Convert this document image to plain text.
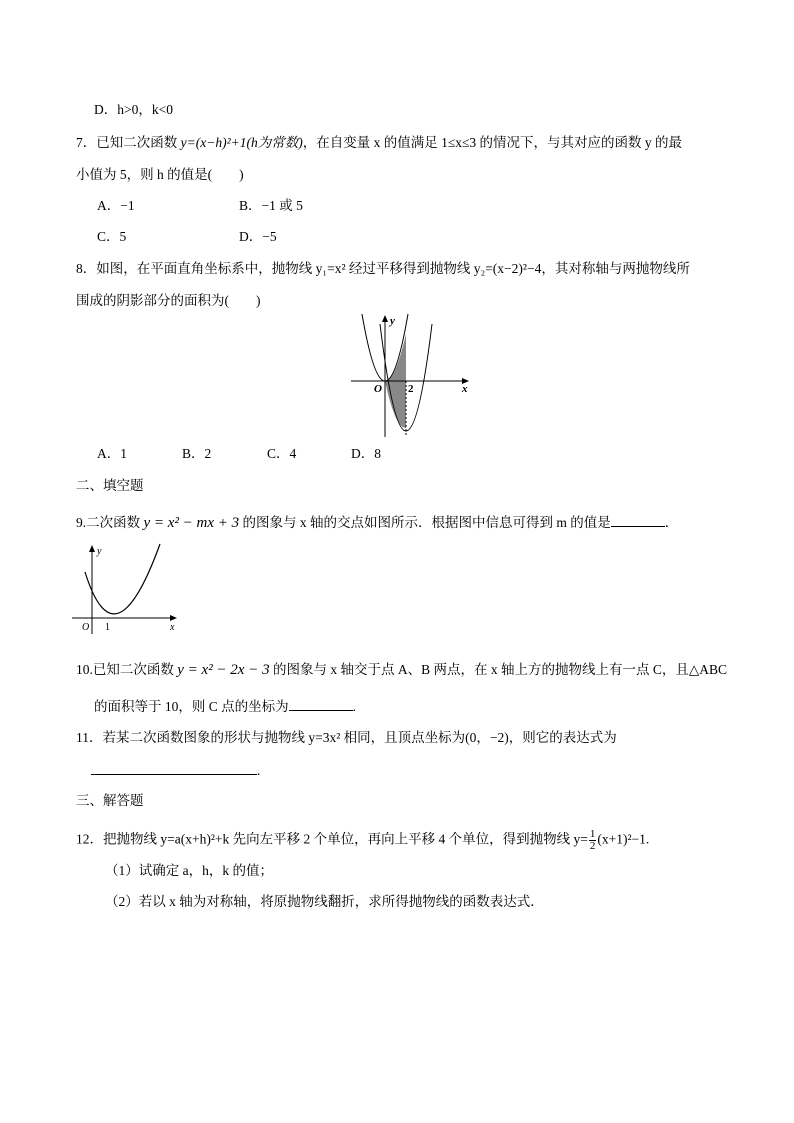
D．h>0，k<0
7．已知二次函数 y=(x−h)²+1(h为常数)，在自变量 x 的值满足 1≤x≤3 的情况下，与其对应的函数 y 的最
小值为 5，则 h 的值是(　　)
A．−1	B．−1 或 5
C．5	D．−5
8．如图，在平面直角坐标系中，抛物线 y₁=x² 经过平移得到抛物线 y₂=(x−2)²−4，其对称轴与两抛物线所
围成的阴影部分的面积为(　　)
y
x
O 2
A．1	B．2	C．4	D．8
二、填空题
9.二次函数 y = x² − mx + 3 的图象与 x 轴的交点如图所示．根据图中信息可得到 m 的值是	．
y
x
O 1
10.已知二次函数 y = x² − 2x − 3 的图象与 x 轴交于点 A、B 两点，在 x 轴上方的抛物线上有一点 C，且△ABC
的面积等于 10，则 C 点的坐标为	.
11．若某二次函数图象的形状与抛物线 y=3x² 相同，且顶点坐标为(0，−2)，则它的表达式为
.
三、解答题
12．把抛物线 y=a(x+h)²+k 先向左平移 2 个单位，再向上平移 4 个单位，得到抛物线 $y= \frac{1}{2} (x+1)^2-1$.
（1）试确定 a，h，k 的值；
（2）若以 x 轴为对称轴，将原抛物线翻折，求所得抛物线的函数表达式．
